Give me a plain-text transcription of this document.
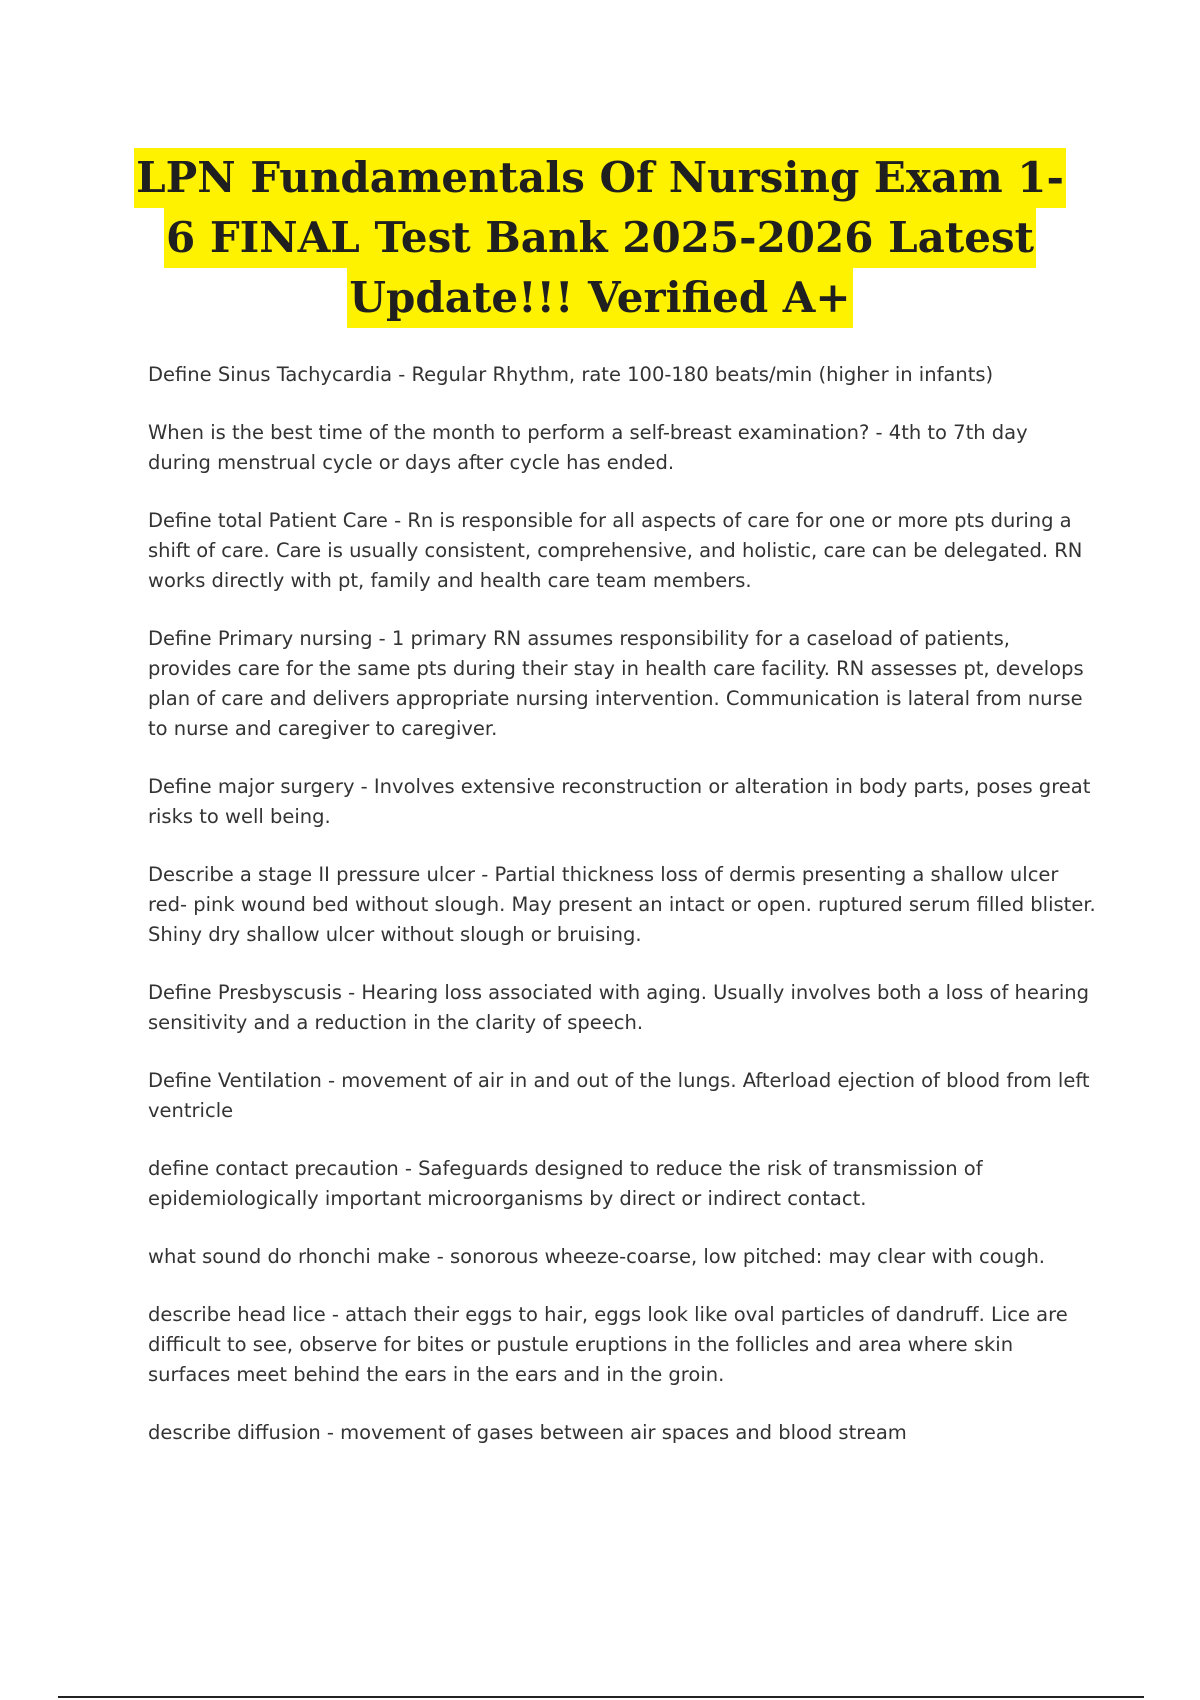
LPN Fundamentals Of Nursing Exam 1-
6 FINAL Test Bank 2025-2026 Latest
Update!!! Verified A+

Define Sinus Tachycardia - Regular Rhythm, rate 100-180 beats/min (higher in infants)

When is the best time of the month to perform a self-breast examination? - 4th to 7th day during menstrual cycle or days after cycle has ended.

Define total Patient Care - Rn is responsible for all aspects of care for one or more pts during a shift of care. Care is usually consistent, comprehensive, and holistic, care can be delegated. RN works directly with pt, family and health care team members.

Define Primary nursing - 1 primary RN assumes responsibility for a caseload of patients, provides care for the same pts during their stay in health care facility. RN assesses pt, develops plan of care and delivers appropriate nursing intervention. Communication is lateral from nurse to nurse and caregiver to caregiver.

Define major surgery - Involves extensive reconstruction or alteration in body parts, poses great risks to well being.

Describe a stage II pressure ulcer - Partial thickness loss of dermis presenting a shallow ulcer red- pink wound bed without slough. May present an intact or open. ruptured serum filled blister. Shiny dry shallow ulcer without slough or bruising.

Define Presbyscusis - Hearing loss associated with aging. Usually involves both a loss of hearing sensitivity and a reduction in the clarity of speech.

Define Ventilation - movement of air in and out of the lungs. Afterload ejection of blood from left ventricle

define contact precaution - Safeguards designed to reduce the risk of transmission of epidemiologically important microorganisms by direct or indirect contact.

what sound do rhonchi make - sonorous wheeze-coarse, low pitched: may clear with cough.

describe head lice - attach their eggs to hair, eggs look like oval particles of dandruff. Lice are difficult to see, observe for bites or pustule eruptions in the follicles and area where skin surfaces meet behind the ears in the ears and in the groin.

describe diffusion - movement of gases between air spaces and blood stream
